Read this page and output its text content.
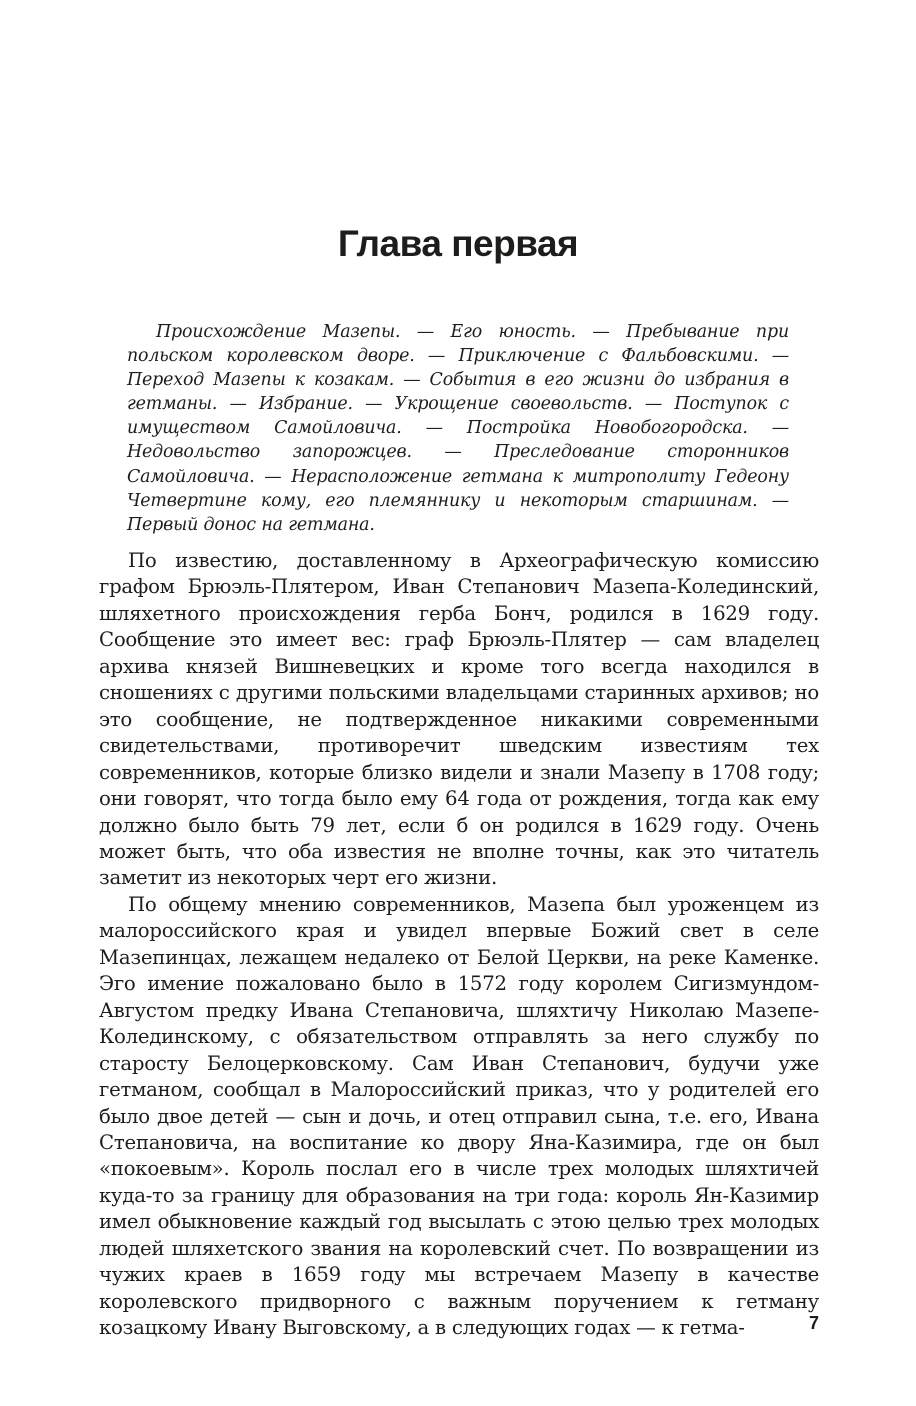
Глава первая

Происхождение Мазепы. — Его юность. — Пребывание при польском королевском дворе. — Приключение с Фальбовскими. — Переход Мазепы к козакам. — События в его жизни до избрания в гетманы. — Избрание. — Укрощение своевольств. — Поступок с имуществом Самойловича. — Постройка Новобогородска. — Недовольство запорожцев. — Преследование сторонников Самойловича. — Нерасположение гетмана к митрополиту Гедеону Четвертине кому, его племяннику и некоторым старшинам. — Первый донос на гетмана.

По известию, доставленному в Археографическую комиссию графом Брюэль-Плятером, Иван Степанович Мазепа-Колединский, шляхетного происхождения герба Бонч, родился в 1629 году. Сообщение это имеет вес: граф Брюэль-Плятер — сам владелец архива князей Вишневецких и кроме того всегда находился в сношениях с другими польскими владельцами старинных архивов; но это сообщение, не подтвержденное никакими современными свидетельствами, противоречит шведским известиям тех современников, которые близко видели и знали Мазепу в 1708 году; они говорят, что тогда было ему 64 года от рождения, тогда как ему должно было быть 79 лет, если б он родился в 1629 году. Очень может быть, что оба известия не вполне точны, как это читатель заметит из некоторых черт его жизни.

По общему мнению современников, Мазепа был уроженцем из малороссийского края и увидел впервые Божий свет в селе Мазепинцах, лежащем недалеко от Белой Церкви, на реке Каменке. Эго имение пожаловано было в 1572 году королем Сигизмундом-Августом предку Ивана Степановича, шляхтичу Николаю Мазепе-Колединскому, с обязательством отправлять за него службу по старосту Белоцерковскому. Сам Иван Степанович, будучи уже гетманом, сообщал в Малороссийский приказ, что у родителей его было двое детей — сын и дочь, и отец отправил сына, т.е. его, Ивана Степановича, на воспитание ко двору Яна-Казимира, где он был «покоевым». Король послал его в числе трех молодых шляхтичей куда-то за границу для образования на три года: король Ян-Казимир имел обыкновение каждый год высылать с этою целью трех молодых людей шляхетского звания на королевский счет. По возвращении из чужих краев в 1659 году мы встречаем Мазепу в качестве королевского придворного с важным поручением к гетману козацкому Ивану Выговскому, а в следующих годах — к гетма-	7
